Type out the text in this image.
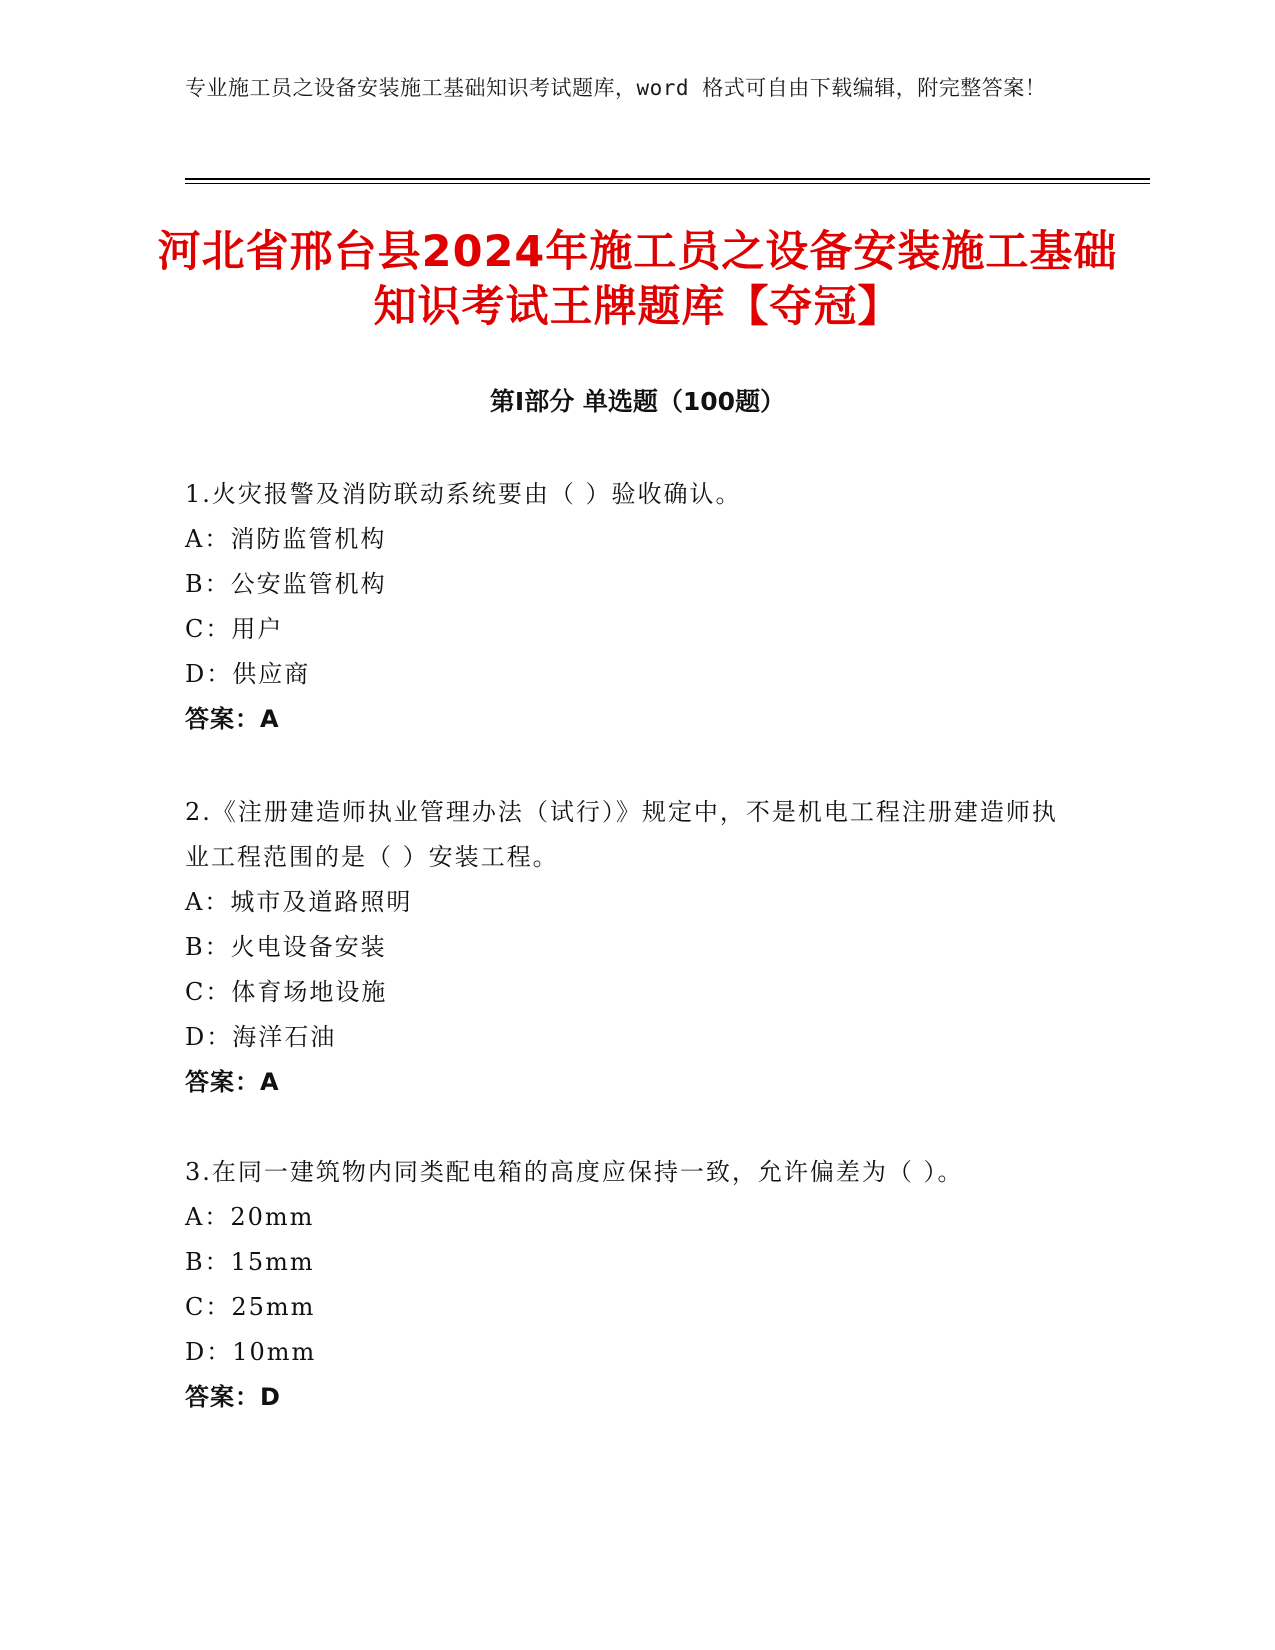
专业施工员之设备安装施工基础知识考试题库，word 格式可自由下载编辑，附完整答案！
河北省邢台县2024年施工员之设备安装施工基础知识考试王牌题库【夺冠】
第Ⅰ部分 单选题（100题）

1.火灾报警及消防联动系统要由（ ）验收确认。

A：消防监管机构

B：公安监管机构

C：用户

D：供应商

答案：A

2.《注册建造师执业管理办法（试行）》规定中，不是机电工程注册建造师执业工程范围的是（ ）安装工程。

A：城市及道路照明

B：火电设备安装

C：体育场地设施

D：海洋石油

答案：A

3.在同一建筑物内同类配电箱的高度应保持一致，允许偏差为（ ）。

A：20mm

B：15mm

C：25mm

D：10mm

答案：D
